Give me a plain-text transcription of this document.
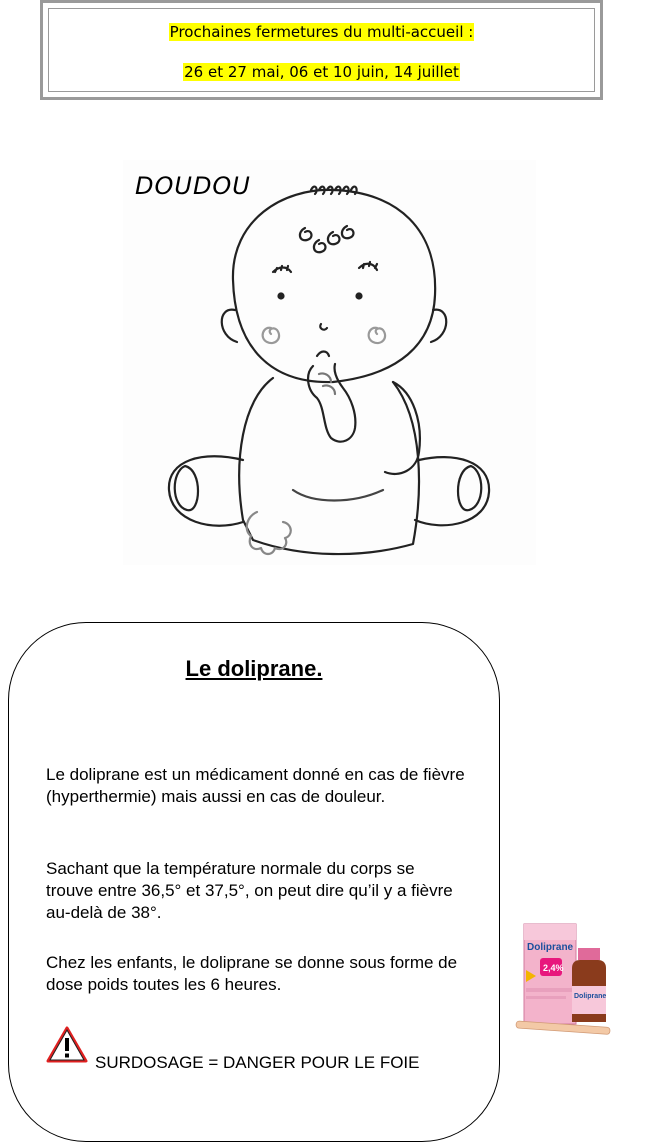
Prochaines fermetures du multi-accueil :
26 et 27 mai, 06 et 10 juin, 14 juillet
DOUDOU
Le doliprane.
Le doliprane est un médicament donné en cas de fièvre (hyperthermie) mais aussi en cas de douleur.
Sachant que la température normale du corps se trouve entre 36,5° et 37,5°, on peut dire qu’il y a fièvre au-delà de 38°.
Chez les enfants, le doliprane se donne sous forme de dose poids toutes les 6 heures.
SURDOSAGE = DANGER POUR LE FOIE
Doliprane
2,4%
Doliprane
